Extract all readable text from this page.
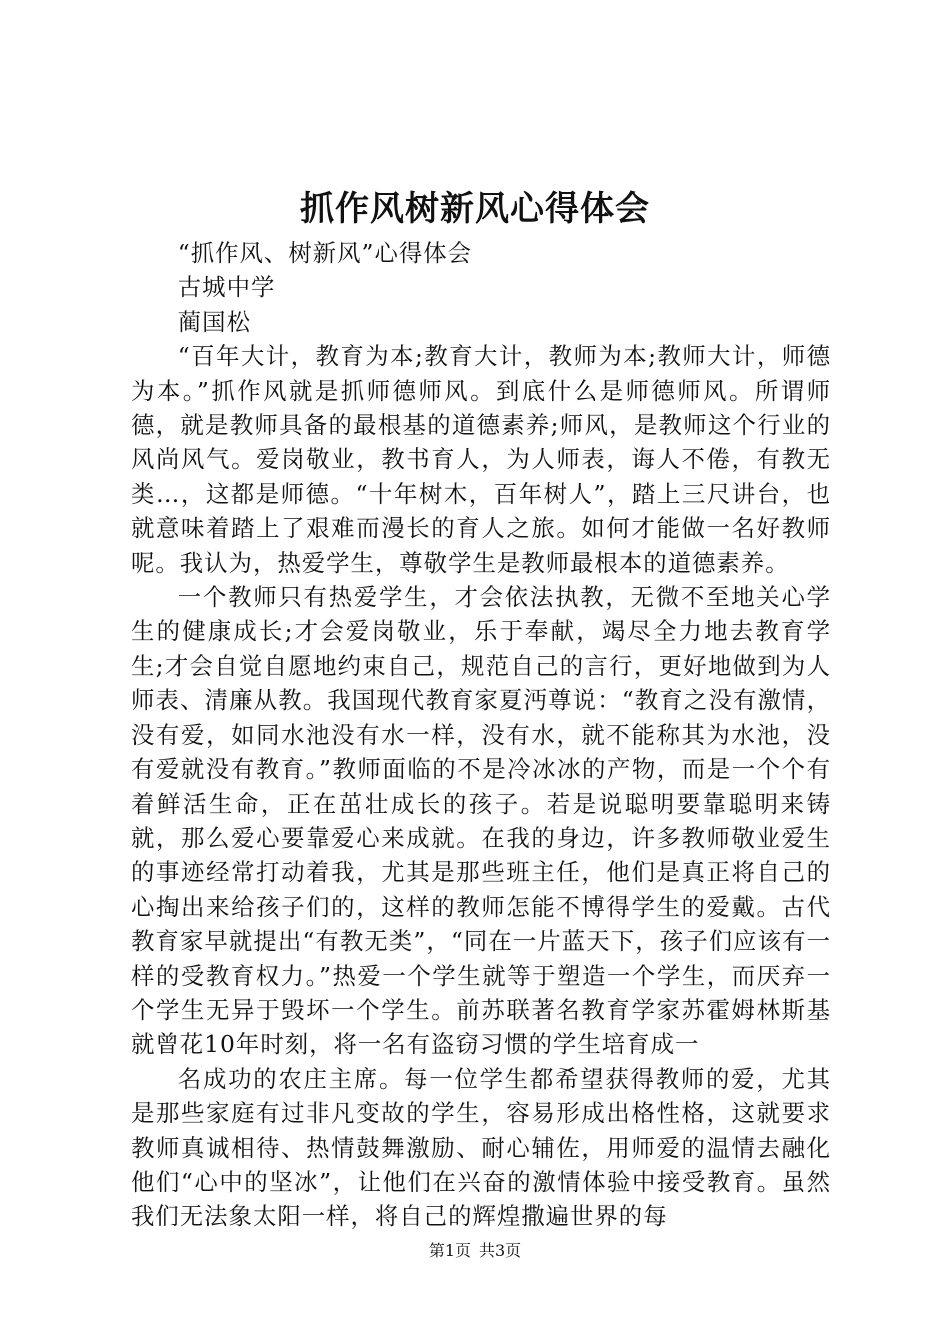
抓作风树新风心得体会

“抓作风、树新风”心得体会

古城中学

蔺国松

“百年大计，教育为本;教育大计，教师为本;教师大计，师德为本。”抓作风就是抓师德师风。到底什么是师德师风。所谓师德，就是教师具备的最根基的道德素养;师风，是教师这个行业的风尚风气。爱岗敬业，教书育人，为人师表，诲人不倦，有教无类…，这都是师德。“十年树木，百年树人”，踏上三尺讲台，也就意味着踏上了艰难而漫长的育人之旅。如何才能做一名好教师呢。我认为，热爱学生，尊敬学生是教师最根本的道德素养。

一个教师只有热爱学生，才会依法执教，无微不至地关心学生的健康成长;才会爱岗敬业，乐于奉献，竭尽全力地去教育学生;才会自觉自愿地约束自己，规范自己的言行，更好地做到为人师表、清廉从教。我国现代教育家夏沔尊说：“教育之没有激情，没有爱，如同水池没有水一样，没有水，就不能称其为水池，没有爱就没有教育。”教师面临的不是冷冰冰的产物，而是一个个有着鲜活生命，正在茁壮成长的孩子。若是说聪明要靠聪明来铸就，那么爱心要靠爱心来成就。在我的身边，许多教师敬业爱生的事迹经常打动着我，尤其是那些班主任，他们是真正将自己的心掏出来给孩子们的，这样的教师怎能不博得学生的爱戴。古代教育家早就提出“有教无类”，“同在一片蓝天下，孩子们应该有一样的受教育权力。”热爱一个学生就等于塑造一个学生，而厌弃一个学生无异于毁坏一个学生。前苏联著名教育学家苏霍姆林斯基就曾花10年时刻，将一名有盗窃习惯的学生培育成一

名成功的农庄主席。每一位学生都希望获得教师的爱，尤其是那些家庭有过非凡变故的学生，容易形成出格性格，这就要求教师真诚相待、热情鼓舞激励、耐心辅佐，用师爱的温情去融化他们“心中的坚冰”，让他们在兴奋的激情体验中接受教育。虽然我们无法象太阳一样，将自己的辉煌撒遍世界的每

第1页 共3页
